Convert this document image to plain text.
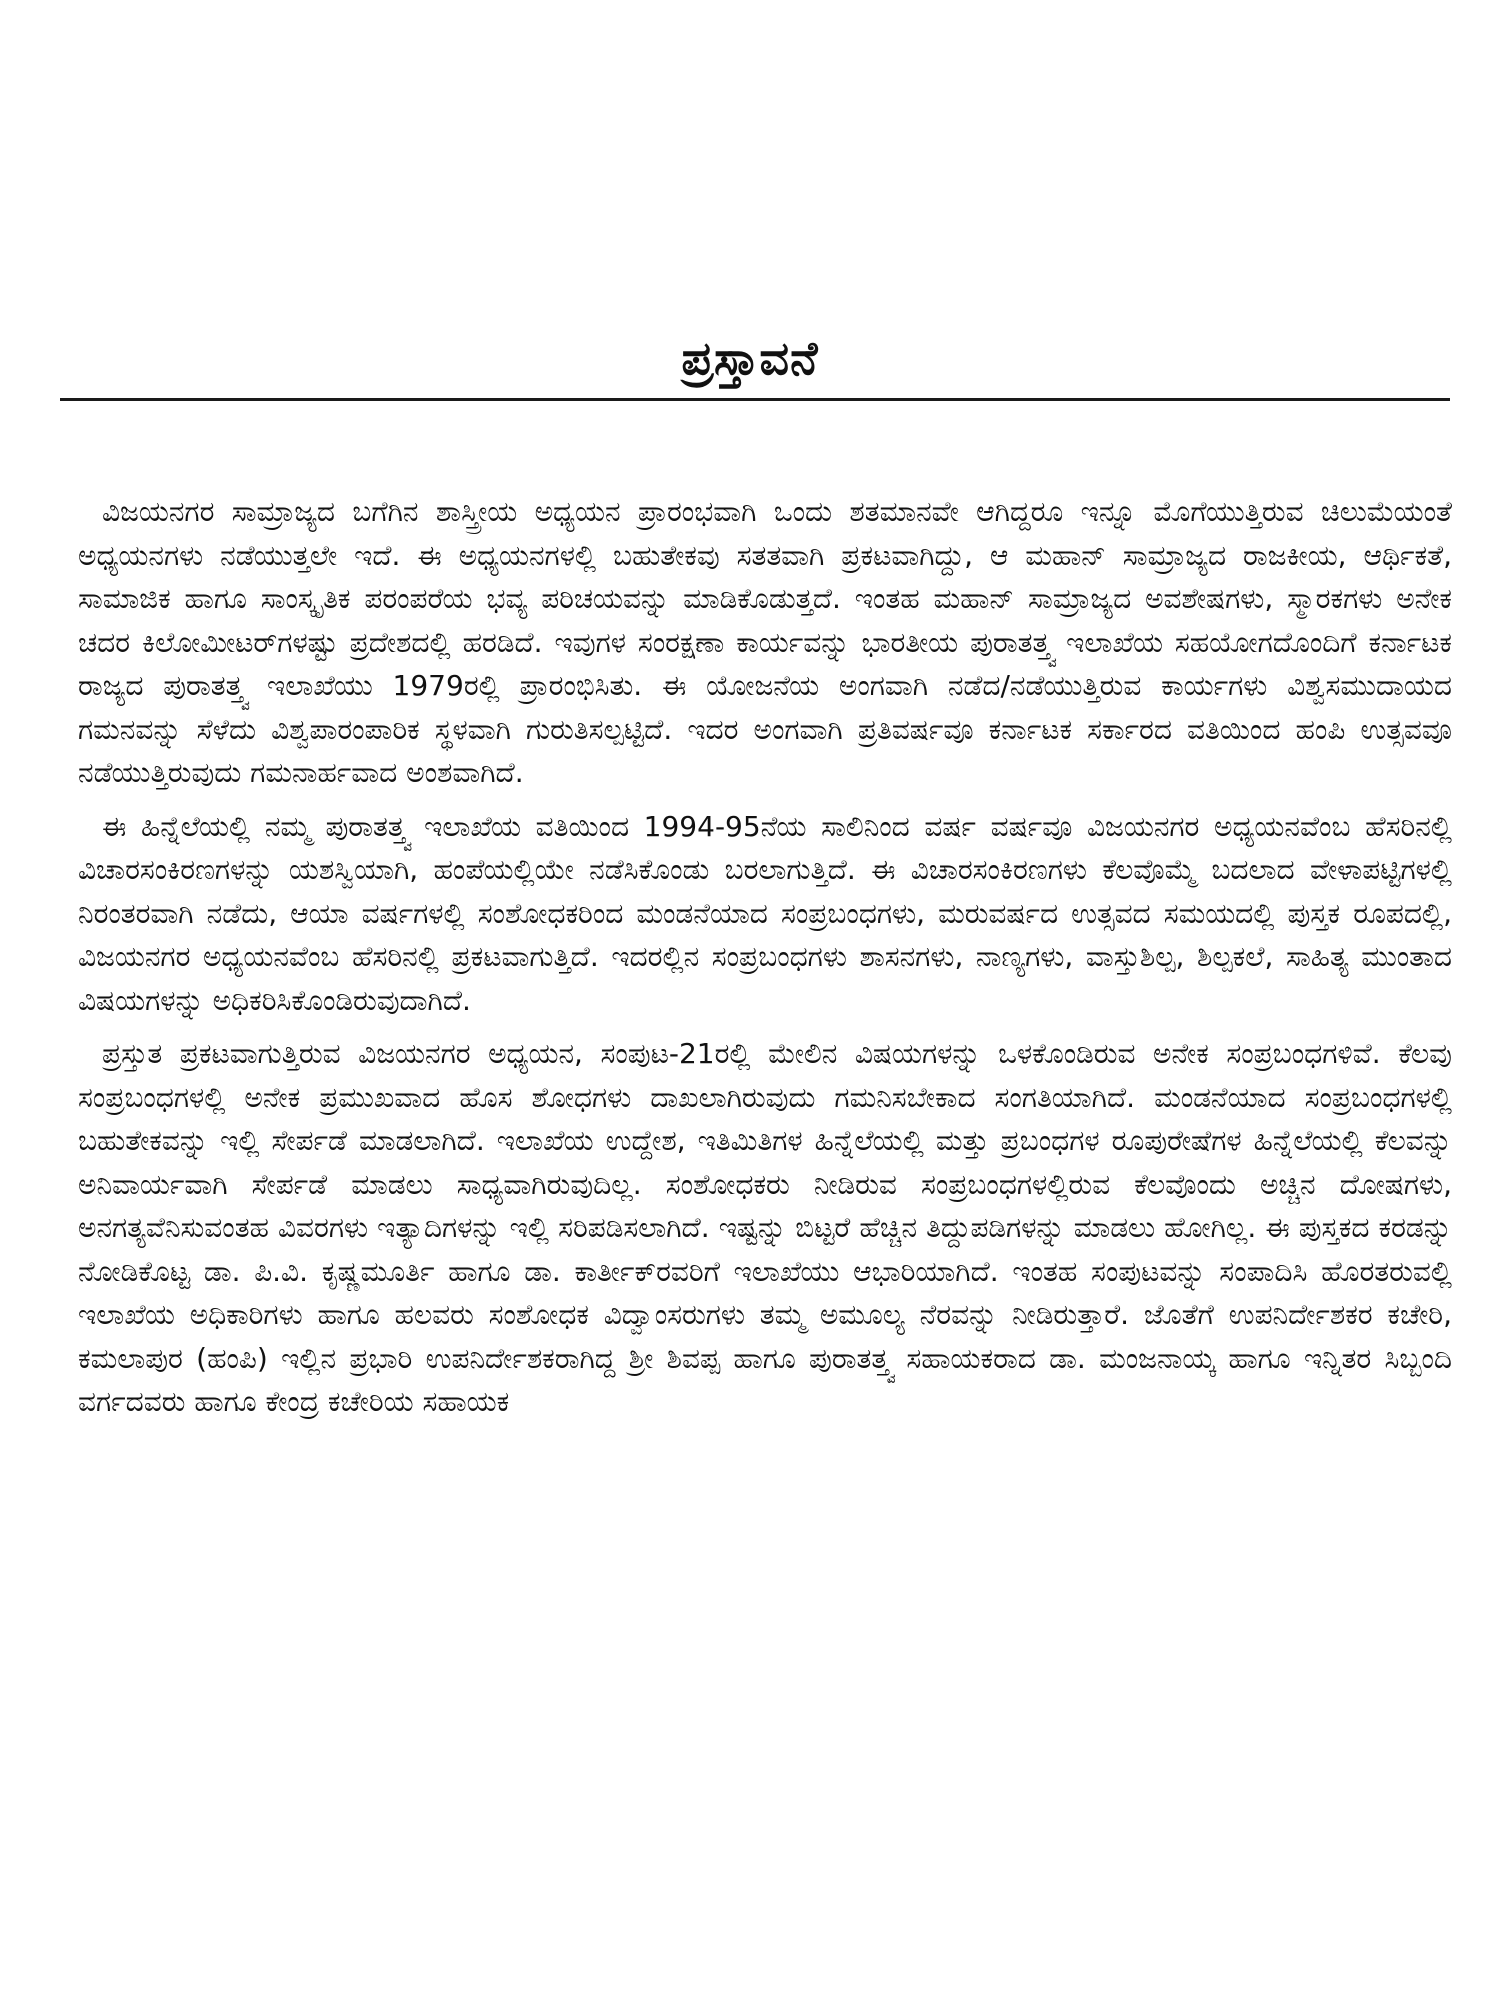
ಪ್ರಸ್ತಾವನೆ

ವಿಜಯನಗರ ಸಾಮ್ರಾಜ್ಯದ ಬಗೆಗಿನ ಶಾಸ್ತ್ರೀಯ ಅಧ್ಯಯನ ಪ್ರಾರಂಭವಾಗಿ ಒಂದು ಶತಮಾನವೇ ಆಗಿದ್ದರೂ ಇನ್ನೂ ಮೊಗೆಯುತ್ತಿರುವ ಚಿಲುಮೆಯಂತೆ ಅಧ್ಯಯನಗಳು ನಡೆಯುತ್ತಲೇ ಇದೆ. ಈ ಅಧ್ಯಯನಗಳಲ್ಲಿ ಬಹುತೇಕವು ಸತತವಾಗಿ ಪ್ರಕಟವಾಗಿದ್ದು, ಆ ಮಹಾನ್ ಸಾಮ್ರಾಜ್ಯದ ರಾಜಕೀಯ, ಆರ್ಥಿಕತೆ, ಸಾಮಾಜಿಕ ಹಾಗೂ ಸಾಂಸ್ಕೃತಿಕ ಪರಂಪರೆಯ ಭವ್ಯ ಪರಿಚಯವನ್ನು ಮಾಡಿಕೊಡುತ್ತದೆ. ಇಂತಹ ಮಹಾನ್ ಸಾಮ್ರಾಜ್ಯದ ಅವಶೇಷಗಳು, ಸ್ಮಾರಕಗಳು ಅನೇಕ ಚದರ ಕಿಲೋಮೀಟರ್‌ಗಳಷ್ಟು ಪ್ರದೇಶದಲ್ಲಿ ಹರಡಿದೆ. ಇವುಗಳ ಸಂರಕ್ಷಣಾ ಕಾರ್ಯವನ್ನು ಭಾರತೀಯ ಪುರಾತತ್ತ್ವ ಇಲಾಖೆಯ ಸಹಯೋಗದೊಂದಿಗೆ ಕರ್ನಾಟಕ ರಾಜ್ಯದ ಪುರಾತತ್ತ್ವ ಇಲಾಖೆಯು 1979ರಲ್ಲಿ ಪ್ರಾರಂಭಿಸಿತು. ಈ ಯೋಜನೆಯ ಅಂಗವಾಗಿ ನಡೆದ/ನಡೆಯುತ್ತಿರುವ ಕಾರ್ಯಗಳು ವಿಶ್ವಸಮುದಾಯದ ಗಮನವನ್ನು ಸೆಳೆದು ವಿಶ್ವಪಾರಂಪಾರಿಕ ಸ್ಥಳವಾಗಿ ಗುರುತಿಸಲ್ಪಟ್ಟಿದೆ. ಇದರ ಅಂಗವಾಗಿ ಪ್ರತಿವರ್ಷವೂ ಕರ್ನಾಟಕ ಸರ್ಕಾರದ ವತಿಯಿಂದ ಹಂಪಿ ಉತ್ಸವವೂ ನಡೆಯುತ್ತಿರುವುದು ಗಮನಾರ್ಹವಾದ ಅಂಶವಾಗಿದೆ.

ಈ ಹಿನ್ನೆಲೆಯಲ್ಲಿ ನಮ್ಮ ಪುರಾತತ್ತ್ವ ಇಲಾಖೆಯ ವತಿಯಿಂದ 1994-95ನೆಯ ಸಾಲಿನಿಂದ ವರ್ಷ ವರ್ಷವೂ ವಿಜಯನಗರ ಅಧ್ಯಯನವೆಂಬ ಹೆಸರಿನಲ್ಲಿ ವಿಚಾರಸಂಕಿರಣಗಳನ್ನು ಯಶಸ್ವಿಯಾಗಿ, ಹಂಪೆಯಲ್ಲಿಯೇ ನಡೆಸಿಕೊಂಡು ಬರಲಾಗುತ್ತಿದೆ. ಈ ವಿಚಾರಸಂಕಿರಣಗಳು ಕೆಲವೊಮ್ಮೆ ಬದಲಾದ ವೇಳಾಪಟ್ಟಿಗಳಲ್ಲಿ ನಿರಂತರವಾಗಿ ನಡೆದು, ಆಯಾ ವರ್ಷಗಳಲ್ಲಿ ಸಂಶೋಧಕರಿಂದ ಮಂಡನೆಯಾದ ಸಂಪ್ರಬಂಧಗಳು, ಮರುವರ್ಷದ ಉತ್ಸವದ ಸಮಯದಲ್ಲಿ ಪುಸ್ತಕ ರೂಪದಲ್ಲಿ, ವಿಜಯನಗರ ಅಧ್ಯಯನವೆಂಬ ಹೆಸರಿನಲ್ಲಿ ಪ್ರಕಟವಾಗುತ್ತಿದೆ. ಇದರಲ್ಲಿನ ಸಂಪ್ರಬಂಧಗಳು ಶಾಸನಗಳು, ನಾಣ್ಯಗಳು, ವಾಸ್ತುಶಿಲ್ಪ, ಶಿಲ್ಪಕಲೆ, ಸಾಹಿತ್ಯ ಮುಂತಾದ ವಿಷಯಗಳನ್ನು ಅಧಿಕರಿಸಿಕೊಂಡಿರುವುದಾಗಿದೆ.

ಪ್ರಸ್ತುತ ಪ್ರಕಟವಾಗುತ್ತಿರುವ ವಿಜಯನಗರ ಅಧ್ಯಯನ, ಸಂಪುಟ-21ರಲ್ಲಿ ಮೇಲಿನ ವಿಷಯಗಳನ್ನು ಒಳಕೊಂಡಿರುವ ಅನೇಕ ಸಂಪ್ರಬಂಧಗಳಿವೆ. ಕೆಲವು ಸಂಪ್ರಬಂಧಗಳಲ್ಲಿ ಅನೇಕ ಪ್ರಮುಖವಾದ ಹೊಸ ಶೋಧಗಳು ದಾಖಲಾಗಿರುವುದು ಗಮನಿಸಬೇಕಾದ ಸಂಗತಿಯಾಗಿದೆ. ಮಂಡನೆಯಾದ ಸಂಪ್ರಬಂಧಗಳಲ್ಲಿ ಬಹುತೇಕವನ್ನು ಇಲ್ಲಿ ಸೇರ್ಪಡೆ ಮಾಡಲಾಗಿದೆ. ಇಲಾಖೆಯ ಉದ್ದೇಶ, ಇತಿಮಿತಿಗಳ ಹಿನ್ನೆಲೆಯಲ್ಲಿ ಮತ್ತು ಪ್ರಬಂಧಗಳ ರೂಪುರೇಷೆಗಳ ಹಿನ್ನೆಲೆಯಲ್ಲಿ ಕೆಲವನ್ನು ಅನಿವಾರ್ಯವಾಗಿ ಸೇರ್ಪಡೆ ಮಾಡಲು ಸಾಧ್ಯವಾಗಿರುವುದಿಲ್ಲ. ಸಂಶೋಧಕರು ನೀಡಿರುವ ಸಂಪ್ರಬಂಧಗಳಲ್ಲಿರುವ ಕೆಲವೊಂದು ಅಚ್ಚಿನ ದೋಷಗಳು, ಅನಗತ್ಯವೆನಿಸುವಂತಹ ವಿವರಗಳು ಇತ್ಯಾದಿಗಳನ್ನು ಇಲ್ಲಿ ಸರಿಪಡಿಸಲಾಗಿದೆ. ಇಷ್ಟನ್ನು ಬಿಟ್ಟರೆ ಹೆಚ್ಚಿನ ತಿದ್ದುಪಡಿಗಳನ್ನು ಮಾಡಲು ಹೋಗಿಲ್ಲ. ಈ ಪುಸ್ತಕದ ಕರಡನ್ನು ನೋಡಿಕೊಟ್ಟ ಡಾ. ಪಿ.ವಿ. ಕೃಷ್ಣಮೂರ್ತಿ ಹಾಗೂ ಡಾ. ಕಾರ್ತೀಕ್‌ರವರಿಗೆ ಇಲಾಖೆಯು ಆಭಾರಿಯಾಗಿದೆ. ಇಂತಹ ಸಂಪುಟವನ್ನು ಸಂಪಾದಿಸಿ ಹೊರತರುವಲ್ಲಿ ಇಲಾಖೆಯ ಅಧಿಕಾರಿಗಳು ಹಾಗೂ ಹಲವರು ಸಂಶೋಧಕ ವಿದ್ವಾಂಸರುಗಳು ತಮ್ಮ ಅಮೂಲ್ಯ ನೆರವನ್ನು ನೀಡಿರುತ್ತಾರೆ. ಜೊತೆಗೆ ಉಪನಿರ್ದೇಶಕರ ಕಚೇರಿ, ಕಮಲಾಪುರ (ಹಂಪಿ) ಇಲ್ಲಿನ ಪ್ರಭಾರಿ ಉಪನಿರ್ದೇಶಕರಾಗಿದ್ದ ಶ್ರೀ ಶಿವಪ್ಪ ಹಾಗೂ ಪುರಾತತ್ತ್ವ ಸಹಾಯಕರಾದ ಡಾ. ಮಂಜನಾಯ್ಕ ಹಾಗೂ ಇನ್ನಿತರ ಸಿಬ್ಬಂದಿ ವರ್ಗದವರು ಹಾಗೂ ಕೇಂದ್ರ ಕಚೇರಿಯ ಸಹಾಯಕ
